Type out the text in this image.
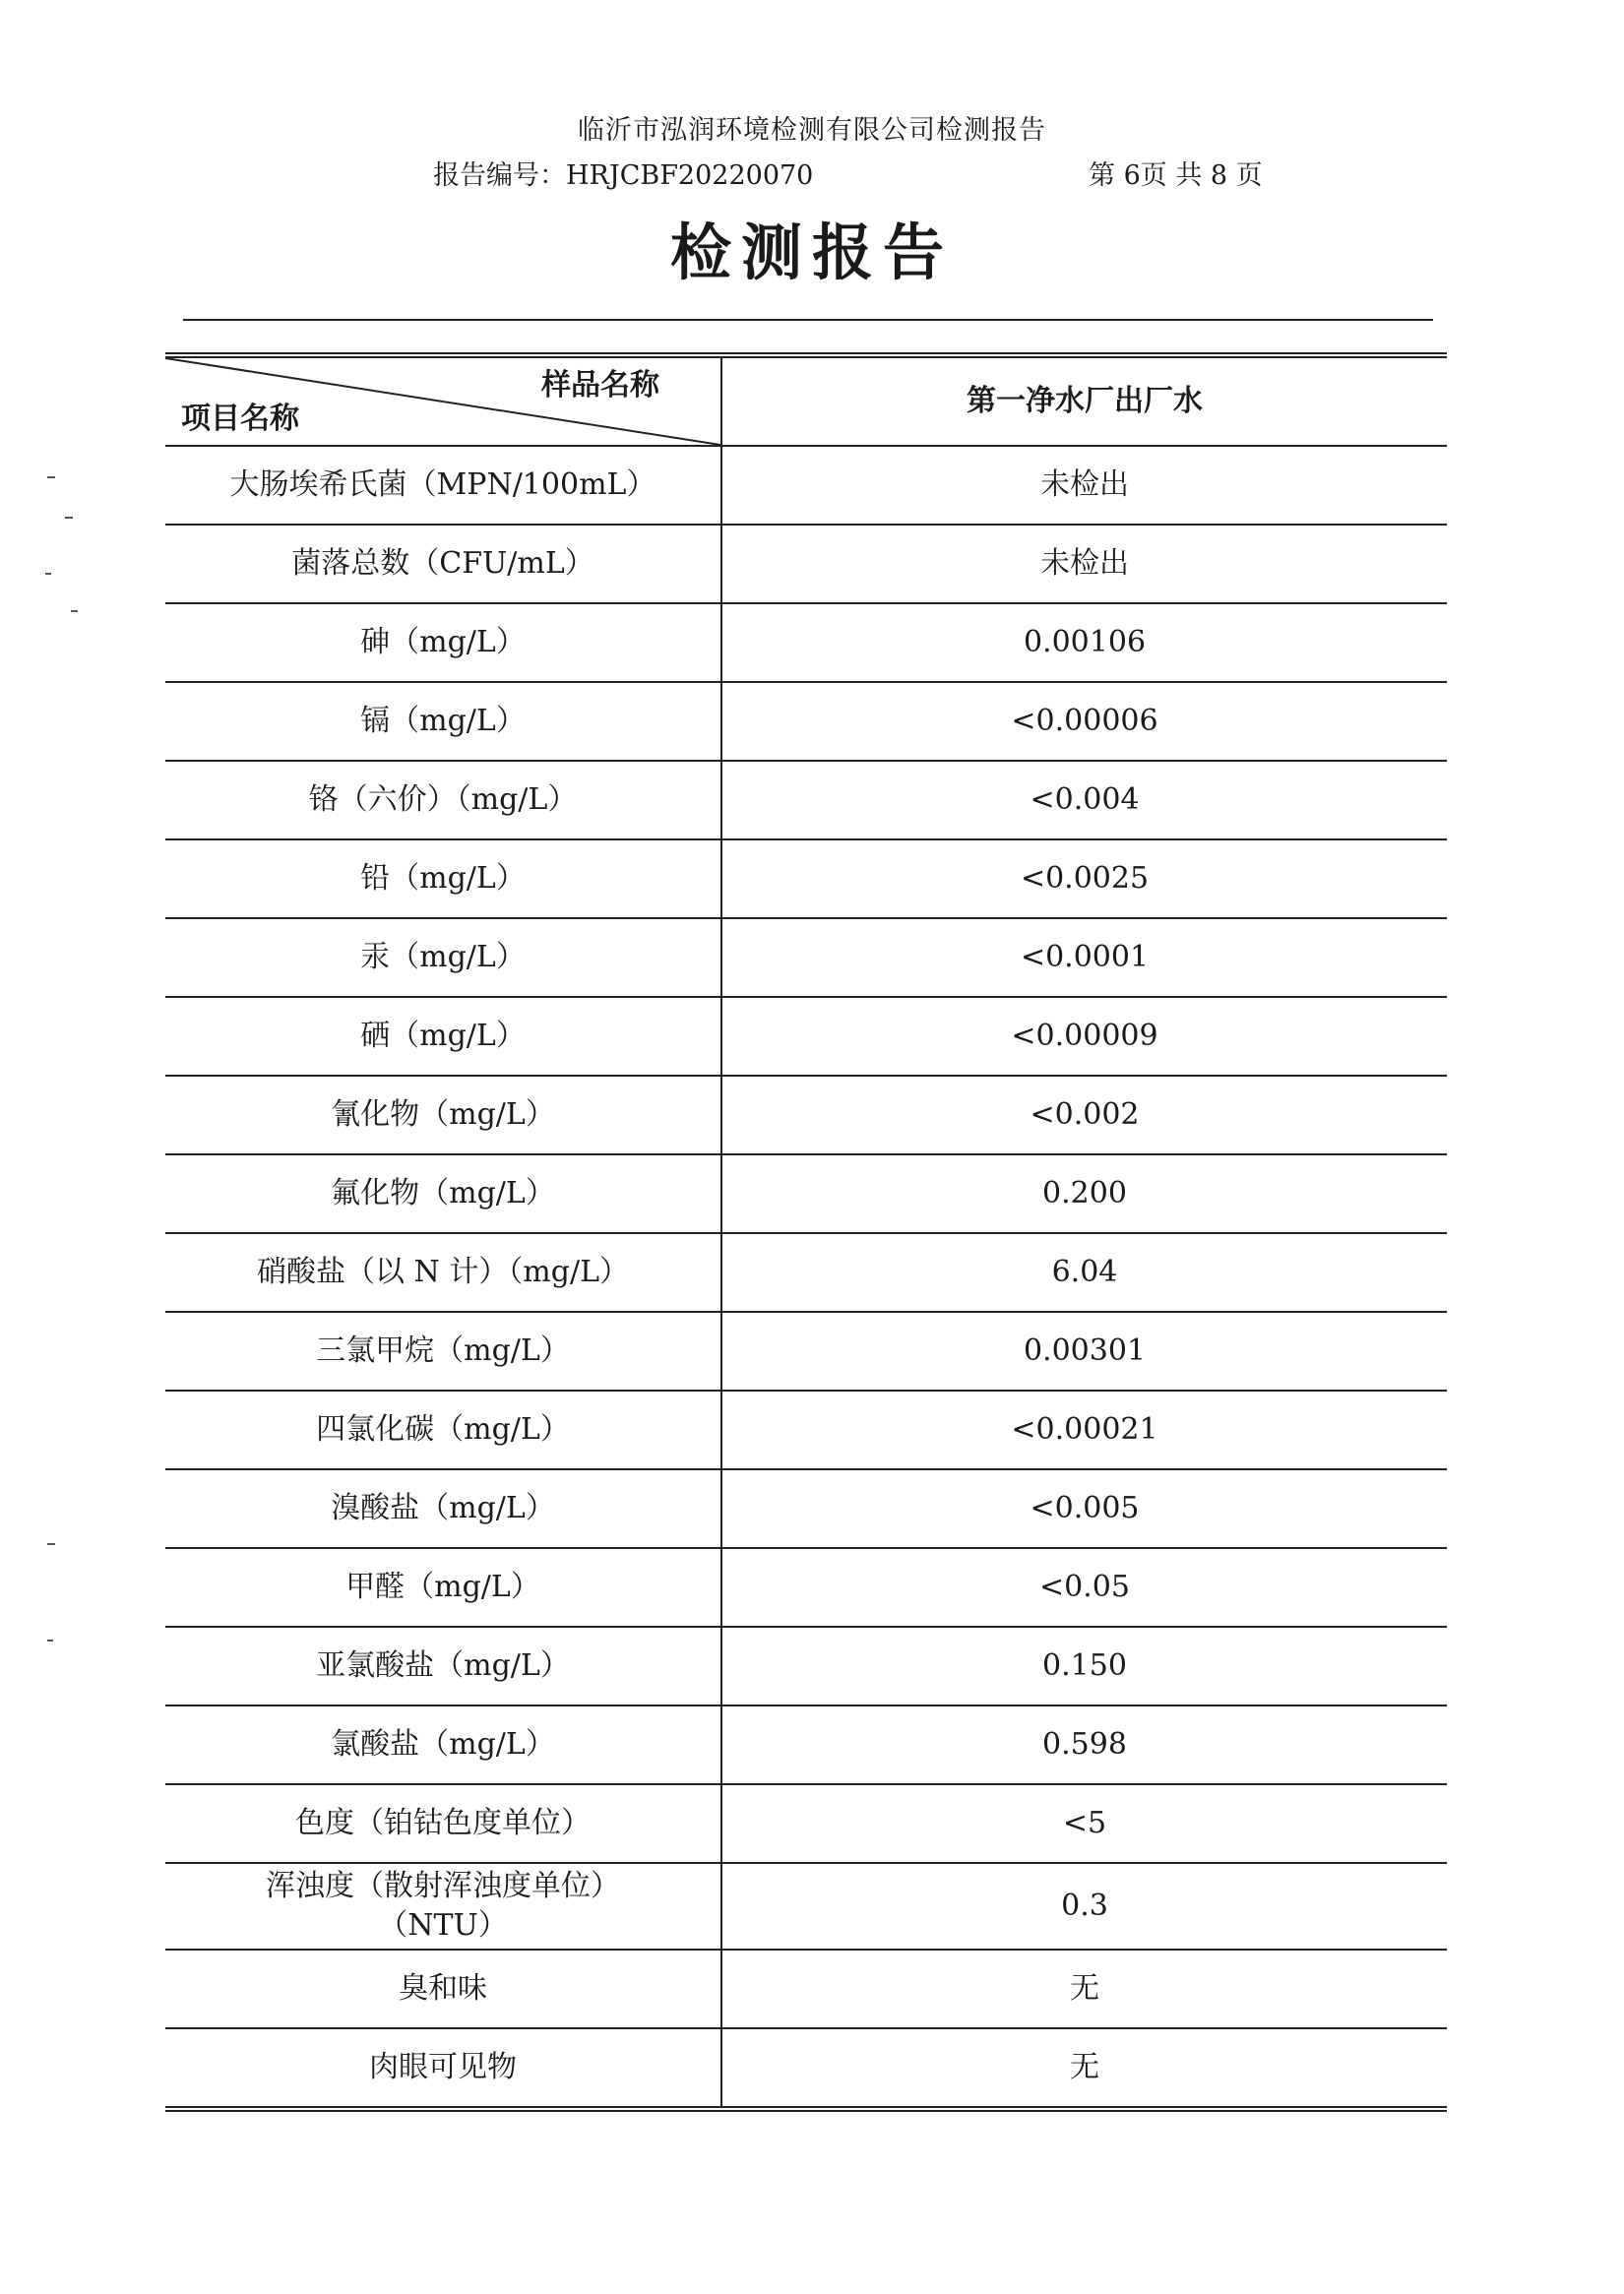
临沂市泓润环境检测有限公司检测报告
报告编号：HRJCBF20220070	第 6页 共 8 页
检测报告
样品名称
项目名称	第一净水厂出厂水
大肠埃希氏菌（MPN/100mL）	未检出
菌落总数（CFU/mL）	未检出
砷（mg/L）	0.00106
镉（mg/L）	<0.00006
铬（六价）（mg/L）	<0.004
铅（mg/L）	<0.0025
汞（mg/L）	<0.0001
硒（mg/L）	<0.00009
氰化物（mg/L）	<0.002
氟化物（mg/L）	0.200
硝酸盐（以 N 计）（mg/L）	6.04
三氯甲烷（mg/L）	0.00301
四氯化碳（mg/L）	<0.00021
溴酸盐（mg/L）	<0.005
甲醛（mg/L）	<0.05
亚氯酸盐（mg/L）	0.150
氯酸盐（mg/L）	0.598
色度（铂钴色度单位）	<5

浑浊度（散射浑浊度单位）
（NTU）	0.3
臭和味	无
肉眼可见物	无
